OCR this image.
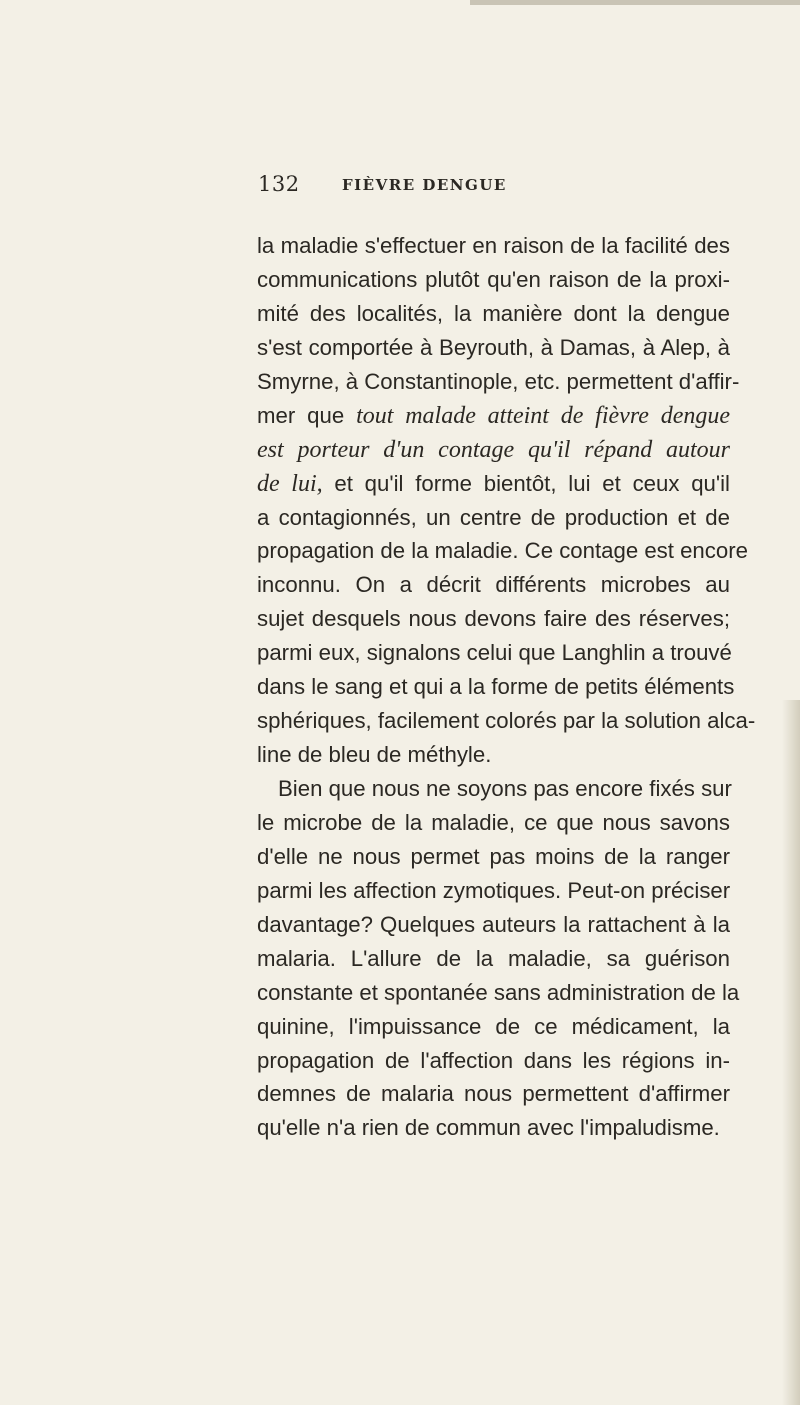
132	FIÈVRE DENGUE
la maladie s'effectuer en raison de la facilité des
communications plutôt qu'en raison de la proxi-
mité des localités, la manière dont la dengue
s'est comportée à Beyrouth, à Damas, à Alep, à
Smyrne, à Constantinople, etc. permettent d'affir-
mer que tout malade atteint de fièvre dengue
est porteur d'un contage qu'il répand autour
de lui, et qu'il forme bientôt, lui et ceux qu'il
a contagionnés, un centre de production et de
propagation de la maladie. Ce contage est encore
inconnu. On a décrit différents microbes au
sujet desquels nous devons faire des réserves;
parmi eux, signalons celui que Langhlin a trouvé
dans le sang et qui a la forme de petits éléments
sphériques, facilement colorés par la solution alca-
line de bleu de méthyle.
Bien que nous ne soyons pas encore fixés sur
le microbe de la maladie, ce que nous savons
d'elle ne nous permet pas moins de la ranger
parmi les affection zymotiques. Peut-on préciser
davantage? Quelques auteurs la rattachent à la
malaria. L'allure de la maladie, sa guérison
constante et spontanée sans administration de la
quinine, l'impuissance de ce médicament, la
propagation de l'affection dans les régions in-
demnes de malaria nous permettent d'affirmer
qu'elle n'a rien de commun avec l'impaludisme.
